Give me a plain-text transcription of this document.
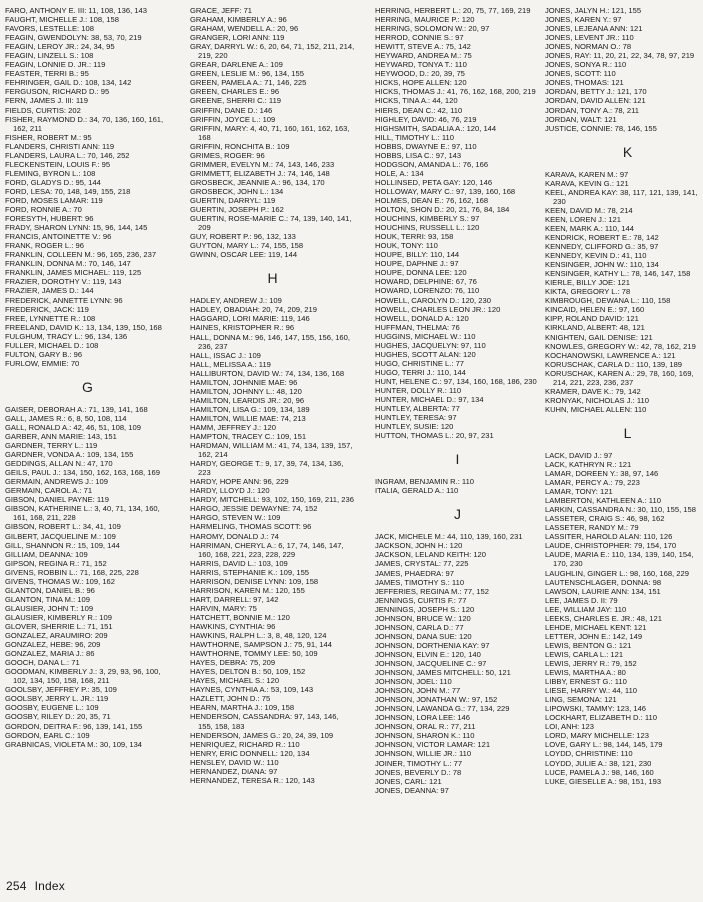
FARO, ANTHONY E. III: 11, 108, 136, 143
FAUGHT, MICHELLE J.: 108, 158
FAVORS, LESTELLE: 108
FEAGIN, GWENDOLYN: 38, 53, 70, 219
FEAGIN, LEROY JR.: 24, 34, 95
FEAGIN, LINZELL S.: 108
FEAGIN, LONNIE D. JR.: 119
FEASTER, TERRI B.: 95
FEHRINGER, GAIL D.: 108, 134, 142
FERGUSON, RICHARD D.: 95
FERN, JAMES J. III: 119
FIELDS, CURTIS: 202
FISHER, RAYMOND D.: 34, 70, 136, 160, 161, 162, 211
FISHER, ROBERT M.: 95
FLANDERS, CHRISTI ANN: 119
FLANDERS, LAURA L.: 70, 146, 252
FLECKENSTEIN, LOUIS F.: 95
FLEMING, BYRON L.: 108
FORD, GLADYS D.: 95, 144
FORD, LESA: 70, 148, 149, 155, 218
FORD, MOSES LAMAR: 119
FORD, RONNIE A.: 70
FORESYTH, HUBERT: 96
FRADY, SHARON LYNN: 15, 96, 144, 145
FRANCIS, ANTOINETTE V.: 96
FRANK, ROGER L.: 96
FRANKLIN, COLLEEN M.: 96, 165, 236, 237
FRANKLIN, DONNA M.: 70, 146, 147
FRANKLIN, JAMES MICHAEL: 119, 125
FRAZIER, DOROTHY V.: 119, 143
FRAZIER, JAMES D.: 144
FREDERICK, ANNETTE LYNN: 96
FREDERICK, JACK: 119
FREE, LYNNETTE R.: 108
FREELAND, DAVID K.: 13, 134, 139, 150, 168
FULGHUM, TRACY L.: 96, 134, 136
FULLER, MICHAEL D.: 108
FULTON, GARY B.: 96
FURLOW, EMMIE: 70
G
GAISER, DEBORAH A.: 71, 139, 141, 168
GALL, JAMES R.: 6, 8, 50, 108, 114
GALL, RONALD A.: 42, 46, 51, 108, 109
GARBER, ANN MARIE: 143, 151
GARDNER, TERRY L.: 119
GARDNER, VONDA A.: 109, 134, 155
GEDDINGS, ALLAN N.: 47, 170
GEILS, PAUL J.: 134, 150, 162, 163, 168, 169
GERMAIN, ANDREWS J.: 109
GERMAIN, CAROL A.: 71
GIBSON, DANIEL PAYNE: 119
GIBSON, KATHERINE L.: 3, 40, 71, 134, 160, 161, 168, 211, 228
GIBSON, ROBERT L.: 34, 41, 109
GILBERT, JACQUELINE M.: 109
GILL, SHANNON R.: 15, 109, 144
GILLIAM, DEANNA: 109
GIPSON, REGINA R.: 71, 152
GIVENS, ROBBIN L.: 71, 168, 225, 228
GIVENS, THOMAS W.: 109, 162
GLANTON, DANIEL B.: 96
GLANTON, TINA M.: 109
GLAUSIER, JOHN T.: 109
GLAUSIER, KIMBERLY R.: 109
GLOVER, SHERRIE L.: 71, 151
GONZALEZ, ARAUMIRO: 209
GONZALEZ, HEBE: 96, 209
GONZALEZ, MARIA J.: 86
GOOCH, DANA L.: 71
GOODMAN, KIMBERLY J.: 3, 29, 93, 96, 100, 102, 134, 150, 158, 168, 211
GOOLSBY, JEFFREY P.: 35, 109
GOOLSBY, JERRY L. JR.: 119
GOOSBY, EUGENE L.: 109
GOOSBY, RILEY D.: 20, 35, 71
GORDON, DEITRA F.: 96, 139, 141, 155
GORDON, EARL C.: 109
GRABNICAS, VIOLETA M.: 30, 109, 134
GRACE, JEFF: 71
GRAHAM, KIMBERLY A.: 96
GRAHAM, WENDELL A.: 20, 96
GRANGER, LORI ANN: 119
GRAY, DARRYL W.: 6, 20, 64, 71, 152, 211, 214, 219, 220
GREAR, DARLENE A.: 109
GREEN, LESLIE M.: 96, 134, 155
GREEN, PAMELA A.: 71, 146, 225
GREEN, CHARLES E.: 96
GREENE, SHERRI C.: 119
GRIFFIN, DANE D.: 146
GRIFFIN, JOYCE L.: 109
GRIFFIN, MARY: 4, 40, 71, 160, 161, 162, 163, 168
GRIFFIN, RONCHITA B.: 109
GRIMES, ROGER: 96
GRIMMER, EVELYN M.: 74, 143, 146, 233
GRIMMETT, ELIZABETH J.: 74, 146, 148
GROSBECK, JEANNIE A.: 96, 134, 170
GROSBECK, JOHN L.: 134
GUERTIN, DARRYL: 119
GUERTIN, JOSEPH P.: 162
GUERTIN, ROSE-MARIE C.: 74, 139, 140, 141, 209
GUY, ROBERT P.: 96, 132, 133
GUYTON, MARY L.: 74, 155, 158
GWINN, OSCAR LEE: 119, 144
H
HADLEY, ANDREW J.: 109
HADLEY, OBADIAH: 20, 74, 209, 219
HAGGARD, LORI MARIE: 119, 146
HAINES, KRISTOPHER R.: 96
HALL, DONNA M.: 96, 146, 147, 155, 156, 160, 236, 237
HALL, ISSAC J.: 109
HALL, MELISSA A.: 119
HALLIBURTON, DAVID W.: 74, 134, 136, 168
HAMILTON, JOHNNIE MAE: 96
HAMILTON, JOHNNY L.: 48, 120
HAMILTON, LEARDIS JR.: 20, 96
HAMILTON, LISA G.: 109, 134, 189
HAMILTON, WILLIE MAE: 74, 213
HAMM, JEFFREY J.: 120
HAMPTON, TRACEY C.: 109, 151
HARDMAN, WILLIAM M.: 41, 74, 134, 139, 157, 162, 214
HARDY, GEORGE T.: 9, 17, 39, 74, 134, 136, 223
HARDY, HOPE ANN: 96, 229
HARDY, LLOYD J.: 120
HARDY, MITCHELL: 93, 102, 150, 169, 211, 236
HARGO, JESSIE DEWAYNE: 74, 152
HARGO, STEVEN W.: 109
HARMELING, THOMAS SCOTT: 96
HAROMY, DONALD J.: 74
HARRIMAN, CHERYL A.: 6, 17, 74, 146, 147, 160, 168, 221, 223, 228, 229
HARRIS, DAVID L.: 103, 109
HARRIS, STEPHANIE K.: 109, 155
HARRISON, DENISE LYNN: 109, 158
HARRISON, KAREN M.: 120, 155
HART, DARRELL: 97, 142
HARVIN, MARY: 75
HATCHETT, BONNIE M.: 120
HAWKINS, CYNTHIA: 96
HAWKINS, RALPH L.: 3, 8, 48, 120, 124
HAWTHORNE, SAMPSON J.: 75, 91, 144
HAWTHORNE, TOMMY LEE: 50, 109
HAYES, DEBRA: 75, 209
HAYES, DELTON B.: 50, 109, 152
HAYES, MICHAEL S.: 120
HAYNES, CYNTHIA A.: 53, 109, 143
HAZLETT, JOHN D.: 75
HEARN, MARTHA J.: 109, 158
HENDERSON, CASSANDRA: 97, 143, 146, 155, 158, 183
HENDERSON, JAMES G.: 20, 24, 39, 109
HENRIQUEZ, RICHARD R.: 110
HENRY, ERIC DONNELL: 120, 134
HENSLEY, DAVID W.: 110
HERNANDEZ, DIANA: 97
HERNANDEZ, TERESA R.: 120, 143
HERRING, HERBERT L.: 20, 75, 77, 169, 219
HERRING, MAURICE P.: 120
HERRING, SOLOMON W.: 20, 97
HERROD, CONNIE S.: 97
HEWITT, STEVE A.: 75, 142
HEYWARD, ANDREA M.: 75
HEYWARD, TONYA T.: 110
HEYWOOD, D.: 20, 39, 75
HICKS, HOPE ALLEN: 120
HICKS, THOMAS J.: 41, 76, 162, 168, 200, 219
HICKS, TINA A.: 44, 120
HIERS, DEAN C.: 42, 110
HIGHLEY, DAVID: 46, 76, 219
HIGHSMITH, SADALIA A.: 120, 144
HILL, TIMOTHY L.: 110
HOBBS, DWAYNE E.: 97, 110
HOBBS, LISA C.: 97, 143
HODGSON, AMANDA L.: 76, 166
HOLE, A.: 134
HOLLINSED, PETA GAY: 120, 146
HOLLOWAY, MARY C.: 97, 139, 160, 168
HOLMES, DEAN E.: 76, 162, 168
HOLTON, SHON D.: 20, 21, 76, 84, 184
HOUCHINS, KIMBERLY S.: 97
HOUCHINS, RUSSELL L.: 120
HOUK, TERRI: 93, 158
HOUK, TONY: 110
HOUPE, BILLY: 110, 144
HOUPE, DAPHNE J.: 97
HOUPE, DONNA LEE: 120
HOWARD, DELPHINE: 67, 76
HOWARD, LORENZO: 76, 110
HOWELL, CAROLYN D.: 120, 230
HOWELL, CHARLES LEON JR.: 120
HOWELL, DONALD A.: 120
HUFFMAN, THELMA: 76
HUGGINS, MICHAEL W.: 110
HUGHES, JACQUELYN: 97, 110
HUGHES, SCOTT ALAN: 120
HUGO, CHRISTINE L.: 77
HUGO, TERRI J.: 110, 144
HUNT, HELENE C.: 97, 134, 160, 168, 186, 230
HUNTER, DOLLY R.: 110
HUNTER, MICHAEL D.: 97, 134
HUNTLEY, ALBERTA: 77
HUNTLEY, TERESA: 97
HUNTLEY, SUSIE: 120
HUTTON, THOMAS L.: 20, 97, 231
I
INGRAM, BENJAMIN R.: 110
ITALIA, GERALD A.: 110
J
JACK, MICHELE M.: 44, 110, 139, 160, 231
JACKSON, JOHN H.: 120
JACKSON, LELAND KEITH: 120
JAMES, CRYSTAL: 77, 225
JAMES, PHAEDRA: 97
JAMES, TIMOTHY S.: 110
JEFFERIES, REGINA M.: 77, 152
JENNINGS, CURTIS F.: 77
JENNINGS, JOSEPH S.: 120
JOHNSON, BRUCE W.: 120
JOHNSON, CARLA D.: 77
JOHNSON, DANA SUE: 120
JOHNSON, DORTHENIA KAY: 97
JOHNSON, ELVIN E.: 120, 140
JOHNSON, JACQUELINE C.: 97
JOHNSON, JAMES MITCHELL: 50, 121
JOHNSON, JOEL: 110
JOHNSON, JOHN M.: 77
JOHNSON, JONATHAN W.: 97, 152
JOHNSON, LAWANDA G.: 77, 134, 229
JOHNSON, LORA LEE: 146
JOHNSON, ORAL R.: 77, 211
JOHNSON, SHARON K.: 110
JOHNSON, VICTOR LAMAR: 121
JOHNSON, WILLIE JR.: 110
JOINER, TIMOTHY L.: 77
JONES, BEVERLY D.: 78
JONES, CARL: 121
JONES, DEANNA: 97
JONES, JALYN H.: 121, 155
JONES, KAREN Y.: 97
JONES, LEJEANA ANN: 121
JONES, LEVENT JR.: 110
JONES, NORMAN O.: 78
JONES, RAY: 11, 20, 21, 22, 34, 78, 97, 219
JONES, SONYA R.: 110
JONES, SCOTT: 110
JONES, THOMAS: 121
JORDAN, BETTY J.: 121, 170
JORDAN, DAVID ALLEN: 121
JORDAN, TONY A.: 78, 211
JORDAN, WALT: 121
JUSTICE, CONNIE: 78, 146, 155
K
KARAVA, KAREN M.: 97
KARAVA, KEVIN G.: 121
KEEL, ANDREA KAY: 38, 117, 121, 139, 141, 230
KEEN, DAVID M.: 78, 214
KEEN, LOREN J.: 121
KEEN, MARK A.: 110, 144
KENDRICK, ROBERT E.: 78, 142
KENNEDY, CLIFFORD G.: 35, 97
KENNEDY, KEVIN D.: 41, 110
KENSINGER, JOHN W.: 110, 134
KENSINGER, KATHY L.: 78, 146, 147, 158
KIERLE, BILLY JOE: 121
KIKTA, GREGORY L.: 78
KIMBROUGH, DEWANA L.: 110, 158
KINCAID, HELEN E.: 97, 160
KIPP, ROLAND DAVID: 121
KIRKLAND, ALBERT: 48, 121
KNIGHTEN, GAIL DENISE: 121
KNOWLES, GREGORY W.: 42, 78, 162, 219
KOCHANOWSKI, LAWRENCE A.: 121
KORUSCHAK, CARLA D.: 110, 139, 189
KORUSCHAK, KAREN A.: 29, 78, 160, 169, 214, 221, 223, 236, 237
KRAMER, DAVE K.: 79, 142
KRONYAK, NICHOLAS J.: 110
KUHN, MICHAEL ALLEN: 110
L
LACK, DAVID J.: 97
LACK, KATHRYN R.: 121
LAMAR, DOREEN Y.: 38, 97, 146
LAMAR, PERCY A.: 79, 223
LAMAR, TONY: 121
LAMBERTON, KATHLEEN A.: 110
LARKIN, CASSANDRA N.: 30, 110, 155, 158
LASSETER, CRAIG S.: 46, 98, 162
LASSETER, RANDY M.: 79
LASSITER, HAROLD ALAN: 110, 126
LAUDE, CHRISTOPHER: 79, 154, 170
LAUDE, MARIA E.: 110, 134, 139, 140, 154, 170, 230
LAUGHLIN, GINGER L.: 98, 160, 168, 229
LAUTENSCHLAGER, DONNA: 98
LAWSON, LAURIE ANN: 134, 151
LEE, JAMES D. II: 79
LEE, WILLIAM JAY: 110
LEEKS, CHARLES E. JR.: 48, 121
LEHDE, MICHAEL KENT: 121
LETTER, JOHN E.: 142, 149
LEWIS, BENTON G.: 121
LEWIS, CARLA L.: 121
LEWIS, JERRY R.: 79, 152
LEWIS, MARTHA A.: 80
LIBBY, ERNEST G.: 110
LIESE, HARRY W.: 44, 110
LING, SEMONA: 121
LIPOWSKI, TAMMY: 123, 146
LOCKHART, ELIZABETH D.: 110
LOI, ANH: 123
LORD, MARY MICHELLE: 123
LOVE, GARY L.: 98, 144, 145, 179
LOYDD, CHRISTINE: 110
LOYDD, JULIE A.: 38, 121, 230
LUCE, PAMELA J.: 98, 146, 160
LUKE, GIESELLE A.: 98, 151, 193
254 Index
